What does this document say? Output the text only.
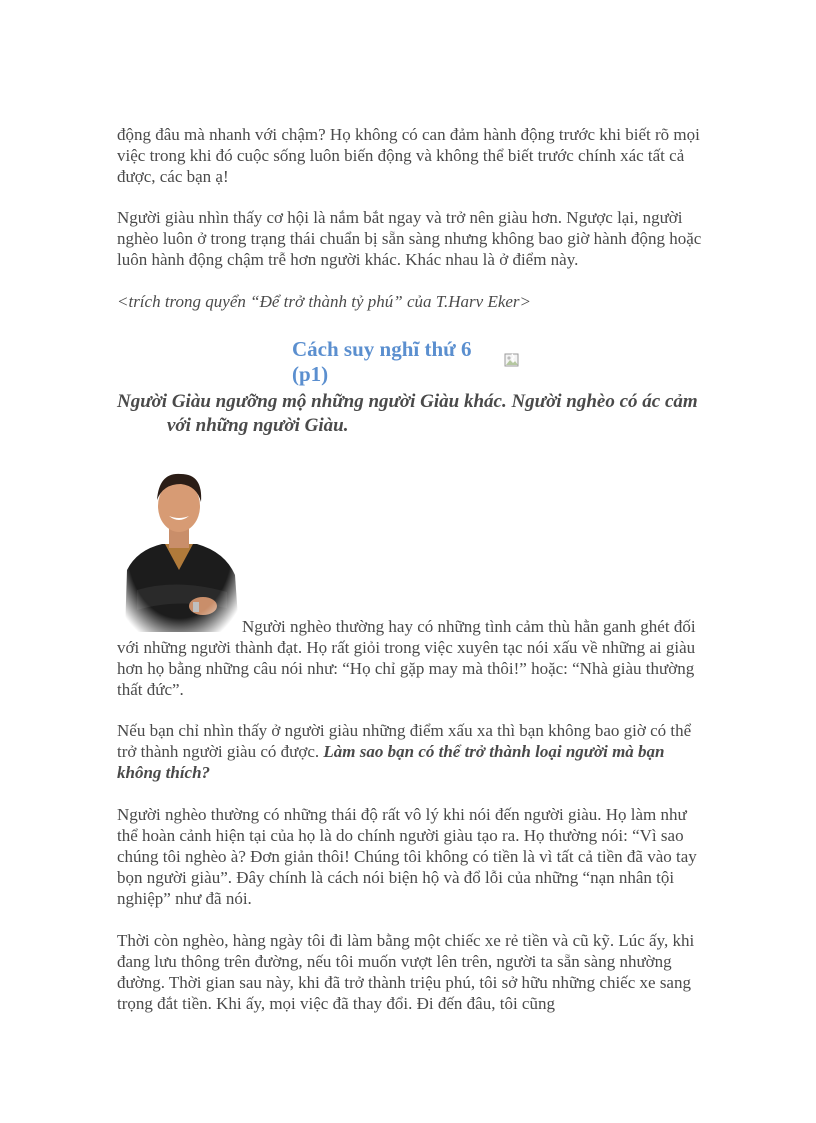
động đâu mà nhanh với chậm? Họ không có can đảm hành động trước khi biết rõ mọi việc trong khi đó cuộc sống luôn biến động và không thể biết trước chính xác tất cả được, các bạn ạ!

Người giàu nhìn thấy cơ hội là nắm bắt ngay và trở nên giàu hơn. Ngược lại, người nghèo luôn ở trong trạng thái chuẩn bị sẵn sàng nhưng không bao giờ hành động hoặc luôn hành động chậm trễ hơn người khác. Khác nhau là ở điểm này.

<trích trong quyển “Để trở thành tỷ phú” của T.Harv Eker>

Cách suy nghĩ thứ 6 (p1)

Người Giàu ngưỡng mộ những người Giàu khác. Người nghèo có ác cảm với những người Giàu.

Người nghèo thường hay có những tình cảm thù hằn ganh ghét đối với những người thành đạt. Họ rất giỏi trong việc xuyên tạc nói xấu về những ai giàu hơn họ bằng những câu nói như: “Họ chỉ gặp may mà thôi!” hoặc: “Nhà giàu thường thất đức”.

Nếu bạn chỉ nhìn thấy ở người giàu những điểm xấu xa thì bạn không bao giờ có thể trở thành người giàu có được. Làm sao bạn có thể trở thành loại người mà bạn không thích?

Người nghèo thường có những thái độ rất vô lý khi nói đến người giàu. Họ làm như thể hoàn cảnh hiện tại của họ là do chính người giàu tạo ra. Họ thường nói: “Vì sao chúng tôi nghèo à? Đơn giản thôi! Chúng tôi không có tiền là vì tất cả tiền đã vào tay bọn người giàu”. Đây chính là cách nói biện hộ và đổ lỗi của những “nạn nhân tội nghiệp” như đã nói.

Thời còn nghèo, hàng ngày tôi đi làm bằng một chiếc xe rẻ tiền và cũ kỹ. Lúc ấy, khi đang lưu thông trên đường, nếu tôi muốn vượt lên trên, người ta sẵn sàng nhường đường. Thời gian sau này, khi đã trở thành triệu phú, tôi sở hữu những chiếc xe sang trọng đắt tiền. Khi ấy, mọi việc đã thay đổi. Đi đến đâu, tôi cũng
